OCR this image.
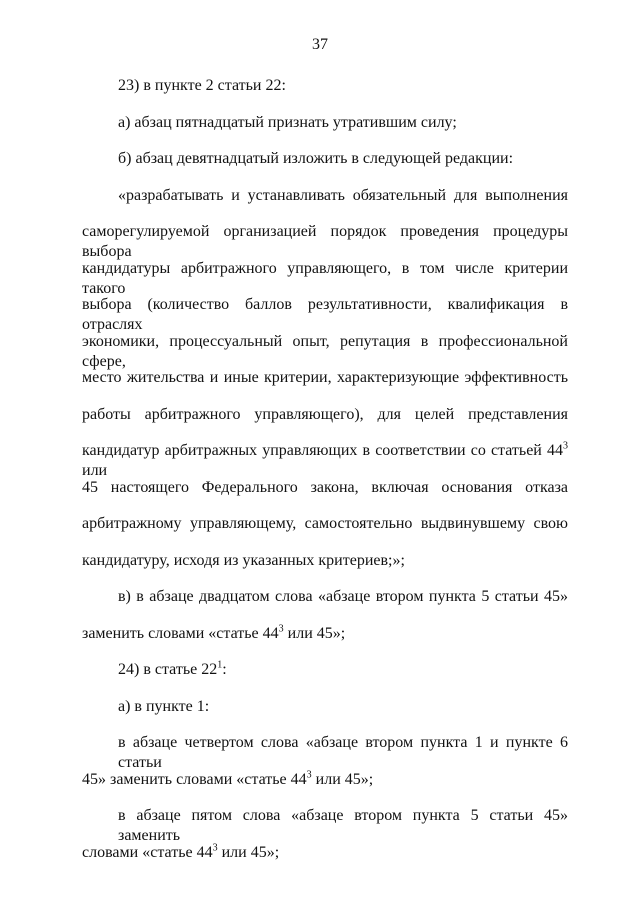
37
23) в пункте 2 статьи 22:
а) абзац пятнадцатый признать утратившим силу;
б) абзац девятнадцатый изложить в следующей редакции:
«разрабатывать и устанавливать обязательный для выполнения
саморегулируемой организацией порядок проведения процедуры выбора
кандидатуры арбитражного управляющего, в том числе критерии такого
выбора (количество баллов результативности, квалификация в отраслях
экономики, процессуальный опыт, репутация в профессиональной сфере,
место жительства и иные критерии, характеризующие эффективность
работы арбитражного управляющего), для целей представления
кандидатур арбитражных управляющих в соответствии со статьей $44^3$ или
45 настоящего Федерального закона, включая основания отказа
арбитражному управляющему, самостоятельно выдвинувшему свою
кандидатуру, исходя из указанных критериев;»;
в) в абзаце двадцатом слова «абзаце втором пункта 5 статьи 45»
заменить словами «статье $44^3$ или 45»;
24) в статье $22^1$:
а) в пункте 1:
в абзаце четвертом слова «абзаце втором пункта 1 и пункте 6 статьи
45» заменить словами «статье $44^3$ или 45»;
в абзаце пятом слова «абзаце втором пункта 5 статьи 45» заменить
словами «статье $44^3$ или 45»;
